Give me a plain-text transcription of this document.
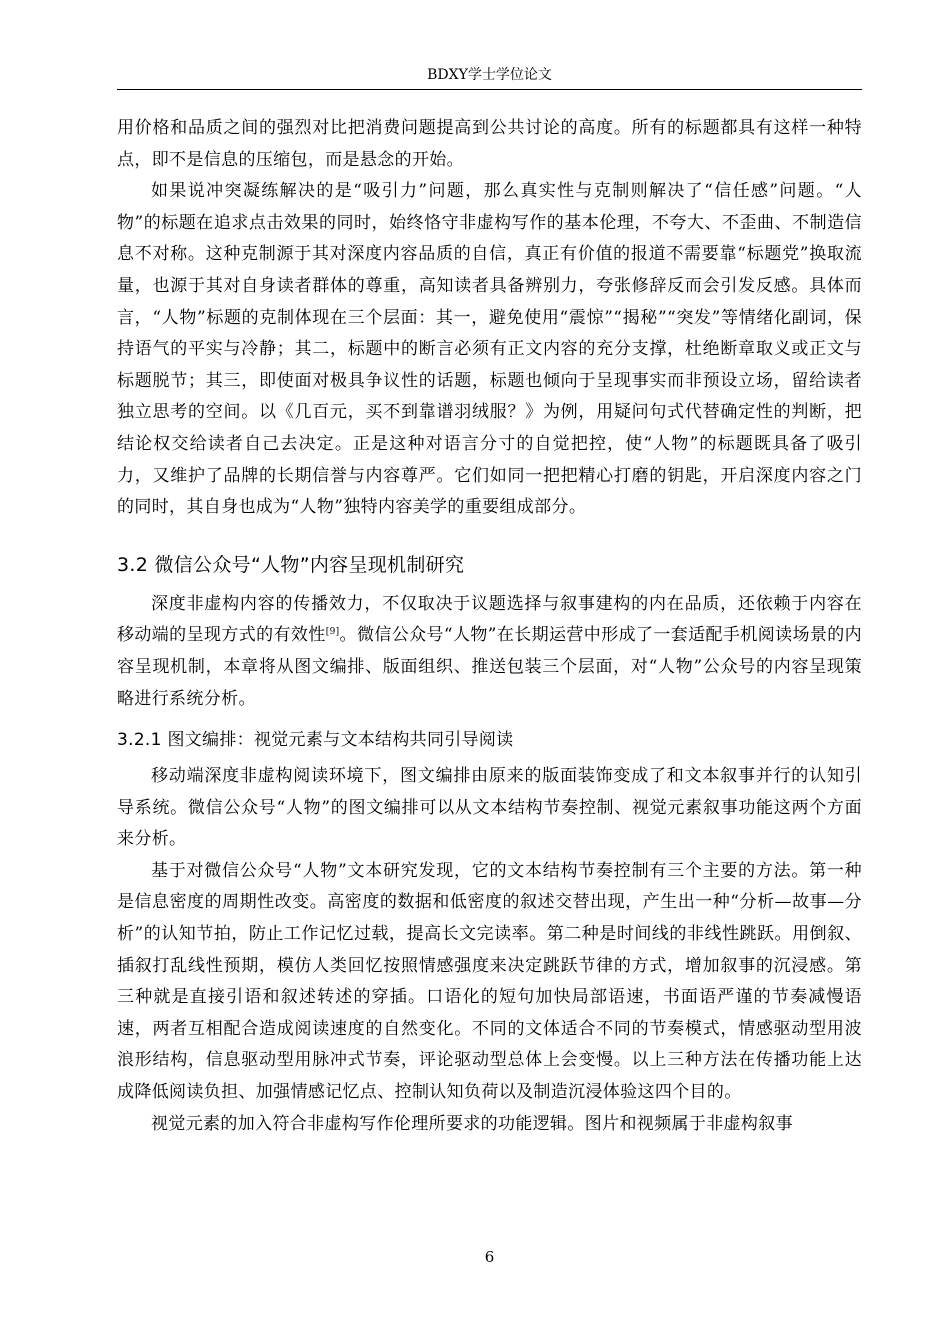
BDXY学士学位论文

用价格和品质之间的强烈对比把消费问题提高到公共讨论的高度。所有的标题都具有这样一种特点，即不是信息的压缩包，而是悬念的开始。

如果说冲突凝练解决的是“吸引力”问题，那么真实性与克制则解决了“信任感”问题。“人物”的标题在追求点击效果的同时，始终恪守非虚构写作的基本伦理，不夸大、不歪曲、不制造信息不对称。这种克制源于其对深度内容品质的自信，真正有价值的报道不需要靠“标题党”换取流量，也源于其对自身读者群体的尊重，高知读者具备辨别力，夸张修辞反而会引发反感。具体而言，“人物”标题的克制体现在三个层面：其一，避免使用“震惊”“揭秘”“突发”等情绪化副词，保持语气的平实与冷静；其二，标题中的断言必须有正文内容的充分支撑，杜绝断章取义或正文与标题脱节；其三，即使面对极具争议性的话题，标题也倾向于呈现事实而非预设立场，留给读者独立思考的空间。以《几百元，买不到靠谱羽绒服？》为例，用疑问句式代替确定性的判断，把结论权交给读者自己去决定。正是这种对语言分寸的自觉把控，使“人物”的标题既具备了吸引力，又维护了品牌的长期信誉与内容尊严。它们如同一把把精心打磨的钥匙，开启深度内容之门的同时，其自身也成为“人物”独特内容美学的重要组成部分。

3.2 微信公众号“人物”内容呈现机制研究

深度非虚构内容的传播效力，不仅取决于议题选择与叙事建构的内在品质，还依赖于内容在移动端的呈现方式的有效性[9]。微信公众号“人物”在长期运营中形成了一套适配手机阅读场景的内容呈现机制，本章将从图文编排、版面组织、推送包装三个层面，对“人物”公众号的内容呈现策略进行系统分析。

3.2.1 图文编排：视觉元素与文本结构共同引导阅读

移动端深度非虚构阅读环境下，图文编排由原来的版面装饰变成了和文本叙事并行的认知引导系统。微信公众号“人物”的图文编排可以从文本结构节奏控制、视觉元素叙事功能这两个方面来分析。

基于对微信公众号“人物”文本研究发现，它的文本结构节奏控制有三个主要的方法。第一种是信息密度的周期性改变。高密度的数据和低密度的叙述交替出现，产生出一种“分析—故事—分析”的认知节拍，防止工作记忆过载，提高长文完读率。第二种是时间线的非线性跳跃。用倒叙、插叙打乱线性预期，模仿人类回忆按照情感强度来决定跳跃节律的方式，增加叙事的沉浸感。第三种就是直接引语和叙述转述的穿插。口语化的短句加快局部语速，书面语严谨的节奏减慢语速，两者互相配合造成阅读速度的自然变化。不同的文体适合不同的节奏模式，情感驱动型用波浪形结构，信息驱动型用脉冲式节奏，评论驱动型总体上会变慢。以上三种方法在传播功能上达成降低阅读负担、加强情感记忆点、控制认知负荷以及制造沉浸体验这四个目的。

视觉元素的加入符合非虚构写作伦理所要求的功能逻辑。图片和视频属于非虚构叙事

6
